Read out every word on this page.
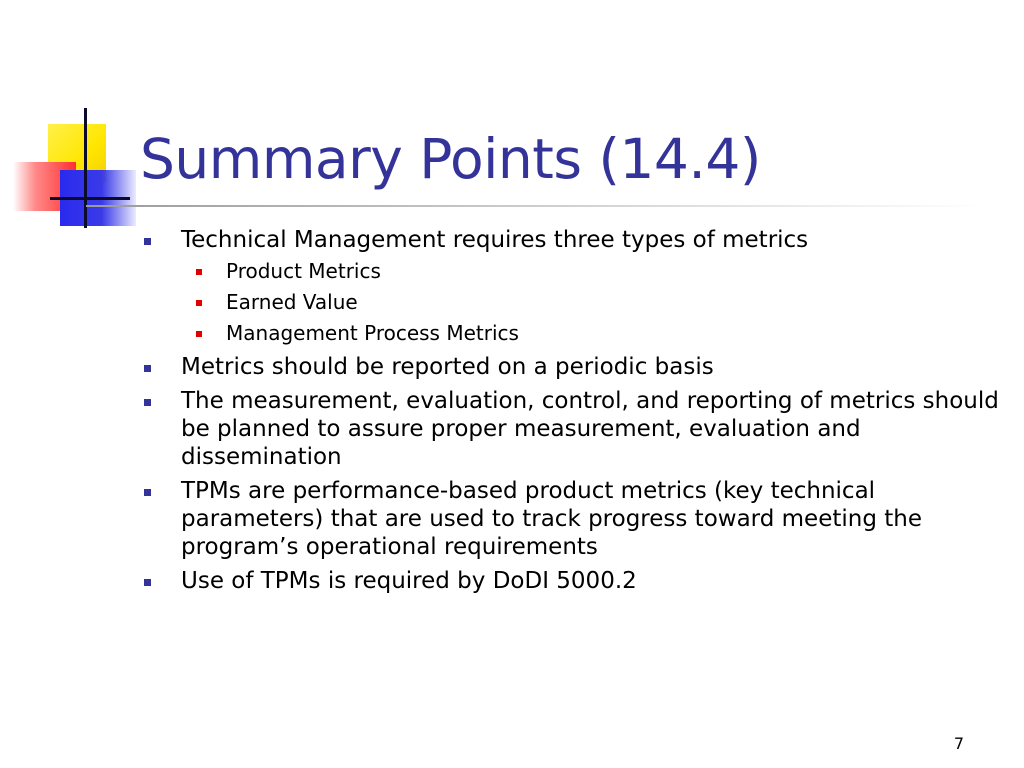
Summary Points (14.4)
Technical Management requires three types of metrics
Product Metrics
Earned Value
Management Process Metrics
Metrics should be reported on a periodic basis
The measurement, evaluation, control, and reporting of metrics should be planned to assure proper measurement, evaluation and dissemination
TPMs are performance-based product metrics (key technical parameters) that are used to track progress toward meeting the program’s operational requirements
Use of TPMs is required by DoDI 5000.2
7
